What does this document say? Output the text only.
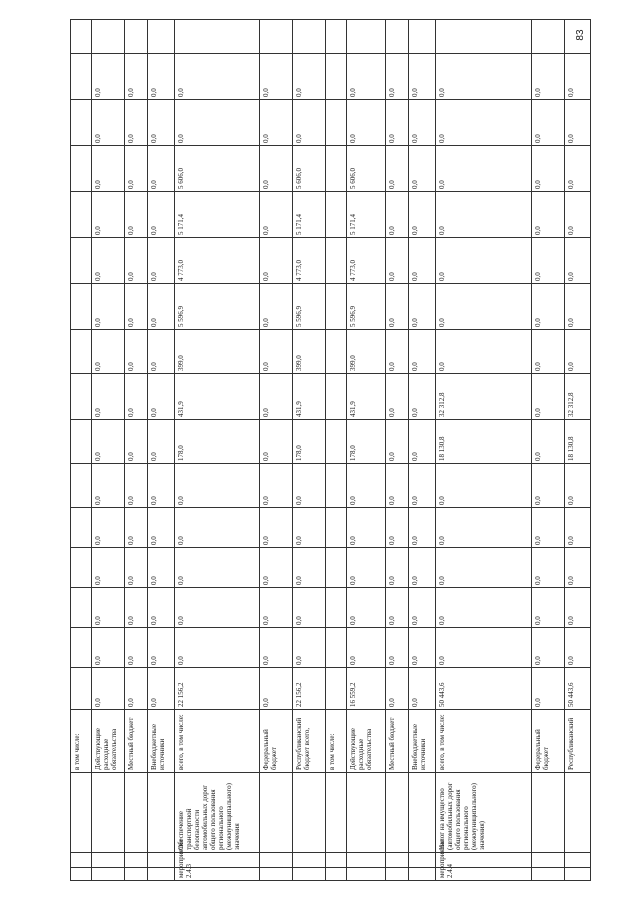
			в том числе:																
			Действующие расходные обязательства	0,0	0,0	0,0	0,0	0,0	0,0	0,0	0,0	0,0	0,0	0,0	0,0	0,0	0,0	0,0	
			Местный бюджет	0,0	0,0	0,0	0,0	0,0	0,0	0,0	0,0	0,0	0,0	0,0	0,0	0,0	0,0	0,0	
			Внебюджетные источники	0,0	0,0	0,0	0,0	0,0	0,0	0,0	0,0	0,0	0,0	0,0	0,0	0,0	0,0	0,0	
мероприятие 2.4.3		Обеспечение транспортной безопасности автомобильных дорог общего пользования регионального (межмуниципального) значения	всего, в том числе:	22 156,2	0,0	0,0	0,0	0,0	0,0	178,0	431,9	399,0	5 596,9	4 773,0	5 171,4	5 606,0	0,0	0,0	
			Федеральный бюджет	0,0	0,0	0,0	0,0	0,0	0,0	0,0	0,0	0,0	0,0	0,0	0,0	0,0	0,0	0,0	
			Республиканский бюджет всего,	22 156,2	0,0	0,0	0,0	0,0	0,0	178,0	431,9	399,0	5 596,9	4 773,0	5 171,4	5 606,0	0,0	0,0	
			в том числе:																
			Действующие расходные обязательства	16 559,2	0,0	0,0	0,0	0,0	0,0	178,0	431,9	399,0	5 596,9	4 773,0	5 171,4	5 606,0	0,0	0,0	
			Местный бюджет	0,0	0,0	0,0	0,0	0,0	0,0	0,0	0,0	0,0	0,0	0,0	0,0	0,0	0,0	0,0	
			Внебюджетные источники	0,0	0,0	0,0	0,0	0,0	0,0	0,0	0,0	0,0	0,0	0,0	0,0	0,0	0,0	0,0	
мероприятие 2.4.4		Налог на имущество (автомобильных дорог общего пользования регионального (межмуниципального) значения)	всего, в том числе:	50 443,6	0,0	0,0	0,0	0,0	0,0	18 130,8	32 312,8	0,0	0,0	0,0	0,0	0,0	0,0	0,0	
			Федеральный бюджет	0,0	0,0	0,0	0,0	0,0	0,0	0,0	0,0	0,0	0,0	0,0	0,0	0,0	0,0	0,0	
			Республиканский	50 443,6	0,0	0,0	0,0	0,0	0,0	18 130,8	32 312,8	0,0	0,0	0,0	0,0	0,0	0,0	0,0	
83
